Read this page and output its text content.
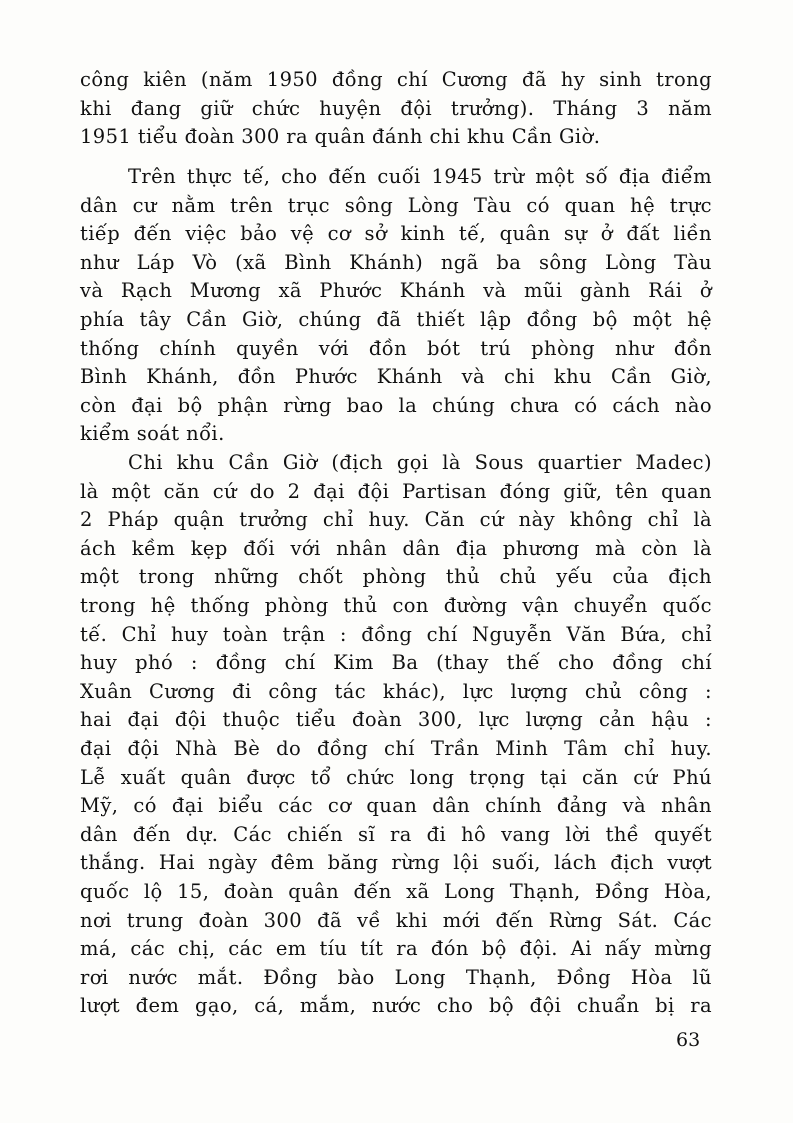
công kiên (năm 1950 đồng chí Cương đã hy sinh trong
khi đang giữ chức huyện đội trưởng). Tháng 3 năm
1951 tiểu đoàn 300 ra quân đánh chi khu Cần Giờ.
Trên thực tế, cho đến cuối 1945 trừ một số địa điểm
dân cư nằm trên trục sông Lòng Tàu có quan hệ trực
tiếp đến việc bảo vệ cơ sở kinh tế, quân sự ở đất liền
như Láp Vò (xã Bình Khánh) ngã ba sông Lòng Tàu
và Rạch Mương xã Phước Khánh và mũi gành Rái ở
phía tây Cần Giờ, chúng đã thiết lập đồng bộ một hệ
thống chính quyền với đồn bót trú phòng như đồn
Bình Khánh, đồn Phước Khánh và chi khu Cần Giờ,
còn đại bộ phận rừng bao la chúng chưa có cách nào
kiểm soát nổi.
Chi khu Cần Giờ (địch gọi là Sous quartier Madec)
là một căn cứ do 2 đại đội Partisan đóng giữ, tên quan
2 Pháp quận trưởng chỉ huy. Căn cứ này không chỉ là
ách kềm kẹp đối với nhân dân địa phương mà còn là
một trong những chốt phòng thủ chủ yếu của địch
trong hệ thống phòng thủ con đường vận chuyển quốc
tế. Chỉ huy toàn trận : đồng chí Nguyễn Văn Bứa, chỉ
huy phó : đồng chí Kim Ba (thay thế cho đồng chí
Xuân Cương đi công tác khác), lực lượng chủ công :
hai đại đội thuộc tiểu đoàn 300, lực lượng cản hậu :
đại đội Nhà Bè do đồng chí Trần Minh Tâm chỉ huy.
Lễ xuất quân được tổ chức long trọng tại căn cứ Phú
Mỹ, có đại biểu các cơ quan dân chính đảng và nhân
dân đến dự. Các chiến sĩ ra đi hô vang lời thề quyết
thắng. Hai ngày đêm băng rừng lội suối, lách địch vượt
quốc lộ 15, đoàn quân đến xã Long Thạnh, Đồng Hòa,
nơi trung đoàn 300 đã về khi mới đến Rừng Sát. Các
má, các chị, các em tíu tít ra đón bộ đội. Ai nấy mừng
rơi nước mắt. Đồng bào Long Thạnh, Đồng Hòa lũ
lượt đem gạo, cá, mắm, nước cho bộ đội chuẩn bị ra
63
